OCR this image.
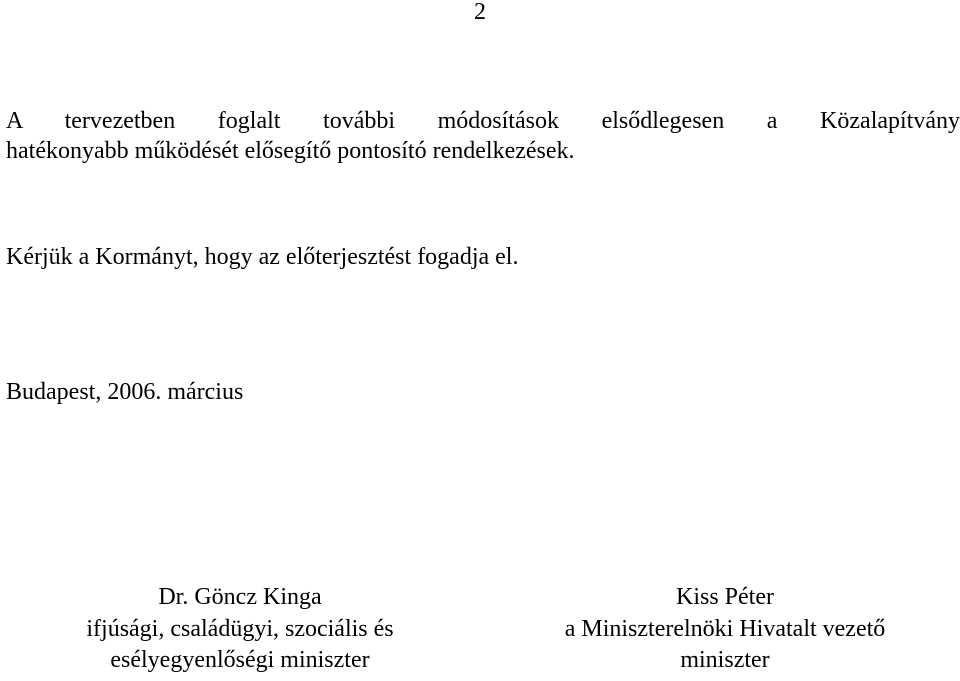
2

A tervezetben foglalt további módosítások elsődlegesen a Közalapítvány
hatékonyabb működését elősegítő pontosító rendelkezések.

Kérjük a Kormányt, hogy az előterjesztést fogadja el.

Budapest, 2006. március

Dr. Göncz Kinga
ifjúsági, családügyi, szociális és
esélyegyenlőségi miniszter
Kiss Péter
a Miniszterelnöki Hivatalt vezető
miniszter
